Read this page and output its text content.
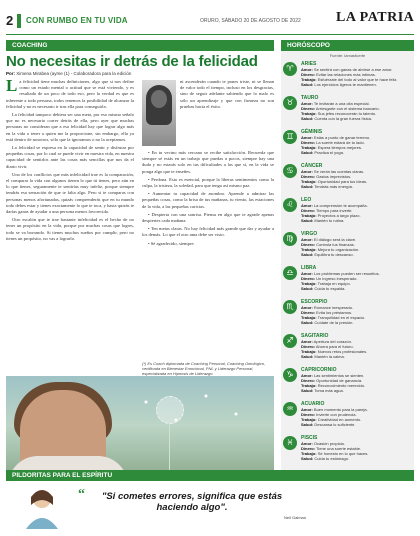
2 CON RUMBO EN TU VIDA	ORURO, SÁBADO 20 DE AGOSTO DE 2022	LA PATRIA
COACHING
No necesitas ir detrás de la felicidad
Por: Ximena Mirabea (ayme (1) - Colaboradora para la edición

La felicidad tiene muchas definiciones, algo que si nos define como un estado mental o actitud que se está viviendo, y es resultado de un poco de todo eso, pero la verdad es que es inherente a todo persona, todos tenemos la posibilidad de alcanzar la felicidad y no es necesario ir tras ella para conseguirla.

La felicidad tampoco debiera ser una meta, por eso mismo señalo que no es necesario correr detrás de ella, pero ayer que muchas personas no consideran que a esa felicidad hay que lograr algo más en la vida o tener a quien me la proporcione, sin embargo, ella ya está dentro de nosotros, sólo que la ignoramos o no la aceptamos.

La felicidad se expresa en la capacidad de sentir y disfrutar por pequeñas cosas, por lo cual se puede vivir en nuestra vida, en nuestra capacidad de sentirlos ante las cosas más sencillas que nos da el diario vivir.

Uno de los conflictos que más infelicidad trae es la comparación, el comparar la vida con algunos tienen lo que tú tienes, pero aún en lo que tienes, seguramente te sentirías muy infeliz, porque siempre tendrás esa sensación de que te falta algo. Pero si te comparas con personas menos afortunadas, quizás comprenderás que en tu mundo todo debes estar y tienes exactamente lo que te toca, y hasta quizás te darías ganas de ayudar a una persona menos favorecida.

Otro escalón que te trae bastante infelicidad es el hecho de no tener un propósito en la vida, porque por muchas cosas que logres, todo se va borrando. Si tienes muchos sueños por cumplir, pero no tienes un propósito, no vas a lograrlo.

ni ascenderán cuando te pones triste, ni se llenan de valor todo el tiempo, incluso en los desgracias, sino de seguir adelante sabiendo que lo malo es sólo un aprendizaje y que con firmeza no son pruebas hacia el éxito.

• En tu vecino más cercano se recibe satisfacción. Recuerda que siempre sé estás en un trabajo que puedas a pocos, siempre hay una duda y no estarás solo en tus dificultades a las que sí, en la vida se ponga algo que te enseñes.

• Perdona. Esto es esencial, porque la liberas sentimentos como la culpa, la tristeza, la soledad, para que tenga así mismo paz.

• Aumentar tu capacidad de asombro. Aprende a admirar las pequeñas cosas, como la brisa de tus mañanas, tu viento, las estaciones de la vida, a las pequeñas caricias.

• Despierta con una sonrisa. Piensa en algo que te agrade apenas despiertes cada mañana.

• Ten metas claras. No hay felicidad más grande que dar y ayudar a los demás. Lo que el otro ama debe ser visto.

• Sé agradecido, siempre.

(*) Es Coach diplomada de Coaching Personal, Coaching Ontológico, certificada en Bienestar Emocional, PNL y Liderazgo Personal, especializada en Hipnosis de Liderazgo.
PILDORITAS PARA EL ESPÍRITU
“	"Si cometes errores, significa que estás haciendo algo".
Neil Gaiman
HORÓSCOPO
Fuente: lamasfuerte
♈	ARIES
Amor: Se sentirá con ganas de abrirse a ese amor.
Dinero: Evitar las relaciones más íntimas.
Trabajo: Esfuérzate del todo al valor que te hace feliz.
Salud: Los ejercicios ligeros te mantienen.
♉	TAURO
Amor: Te invitarán a una cita especial.
Dinero: Arriesgarte con el sistema bancario.
Trabajo: Sus jefes reconocerán tu talento.
Salud: Cuenta con la gran fuerza física.
♊	GÉMINIS
Amor: Estás a punto de ganar terreno.
Dinero: La suerte estará de tu lado.
Trabajo: Espera tiempos mejores.
Salud: Practica el yoga.
♋	CÁNCER
Amor: Se verán las cuentas claras.
Dinero: Gastos imprevistos.
Trabajo: Oportunidad para tus ideas.
Salud: Tendrás más energía.
♌	LEO
Amor: La comprensión te acompaña.
Dinero: Tiempo para invertir.
Trabajo: Proyectos a largo plazo.
Salud: Mantén tu rutina.
♍	VIRGO
Amor: El diálogo será la clave.
Dinero: Controla tus finanzas.
Trabajo: Mejora tu organización.
Salud: Equilibra tu descanso.
♎	LIBRA
Amor: Los problemas pueden ser resueltos.
Dinero: Un ingreso inesperado.
Trabajo: Trabaja en equipo.
Salud: Cuida tu espalda.
♏	ESCORPIO
Amor: Romance inesperado.
Dinero: Evita los préstamos.
Trabajo: Tranquilidad en el espacio.
Salud: Cuídate de la presión.
♐	SAGITARIO
Amor: Apertura del corazón.
Dinero: Ahorra para el futuro.
Trabajo: Nuevos retos profesionales.
Salud: Mantén la calma.
♑	CAPRICORNIO
Amor: Las sentimientos se sienten.
Dinero: Oportunidad de ganancia.
Trabajo: Reconocimiento merecido.
Salud: Toma más agua.
♒	ACUARIO
Amor: Buen momento para la pareja.
Dinero: Invierte con prudencia.
Trabajo: Creatividad en aumento.
Salud: Descansa lo suficiente.
♓	PISCIS
Amor: Ocasión propicia.
Dinero: Tiene una suerte estable.
Trabajo: Sé honesto en lo que haces.
Salud: Cuida tu estómago.
